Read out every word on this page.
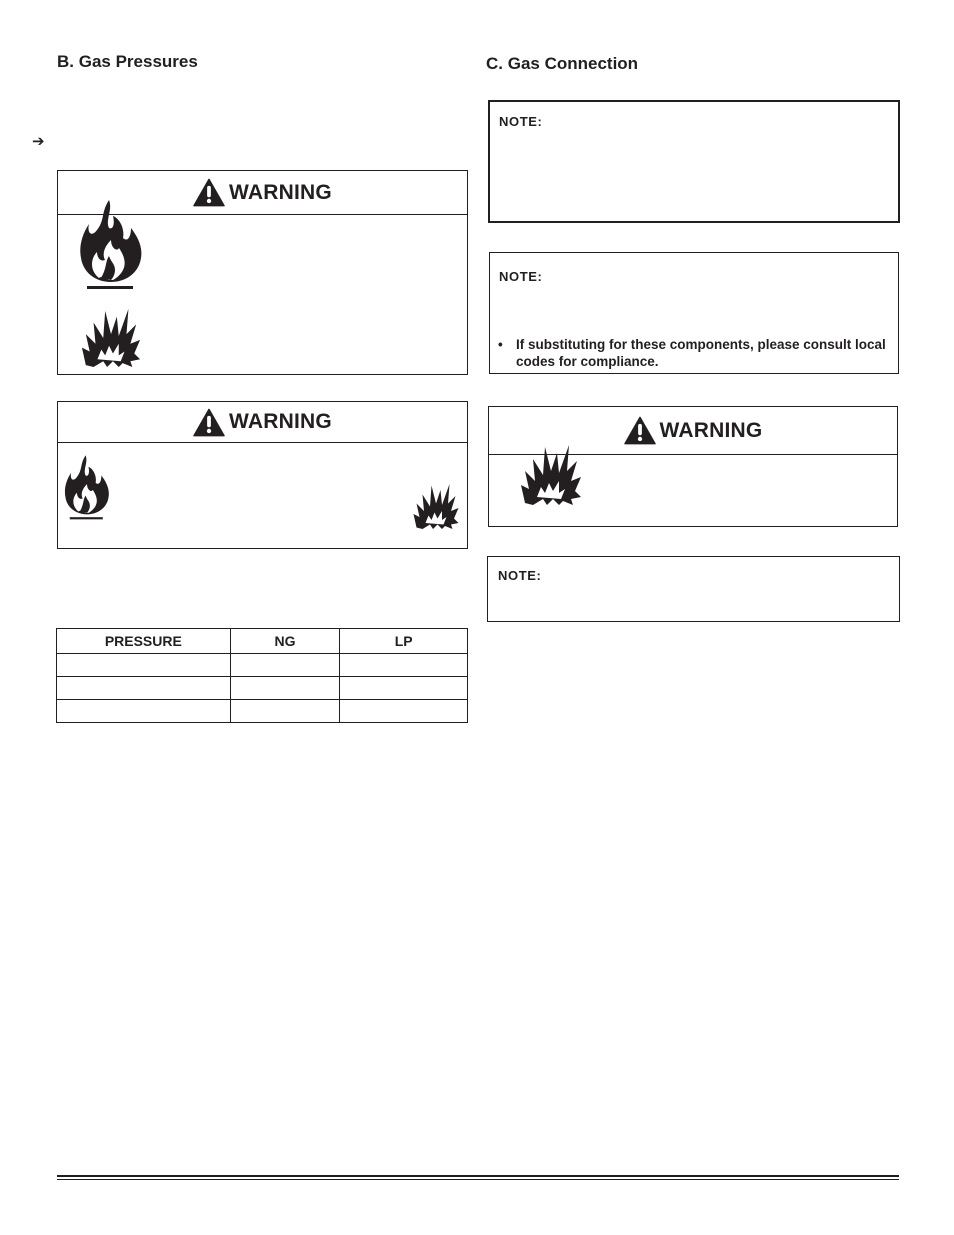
B. Gas Pressures
➔
WARNING
WARNING
PRESSURE	NG	LP

C. Gas Connection
NOTE:
NOTE:
• If substituting for these components, please consult local codes for compliance.
WARNING
NOTE:
